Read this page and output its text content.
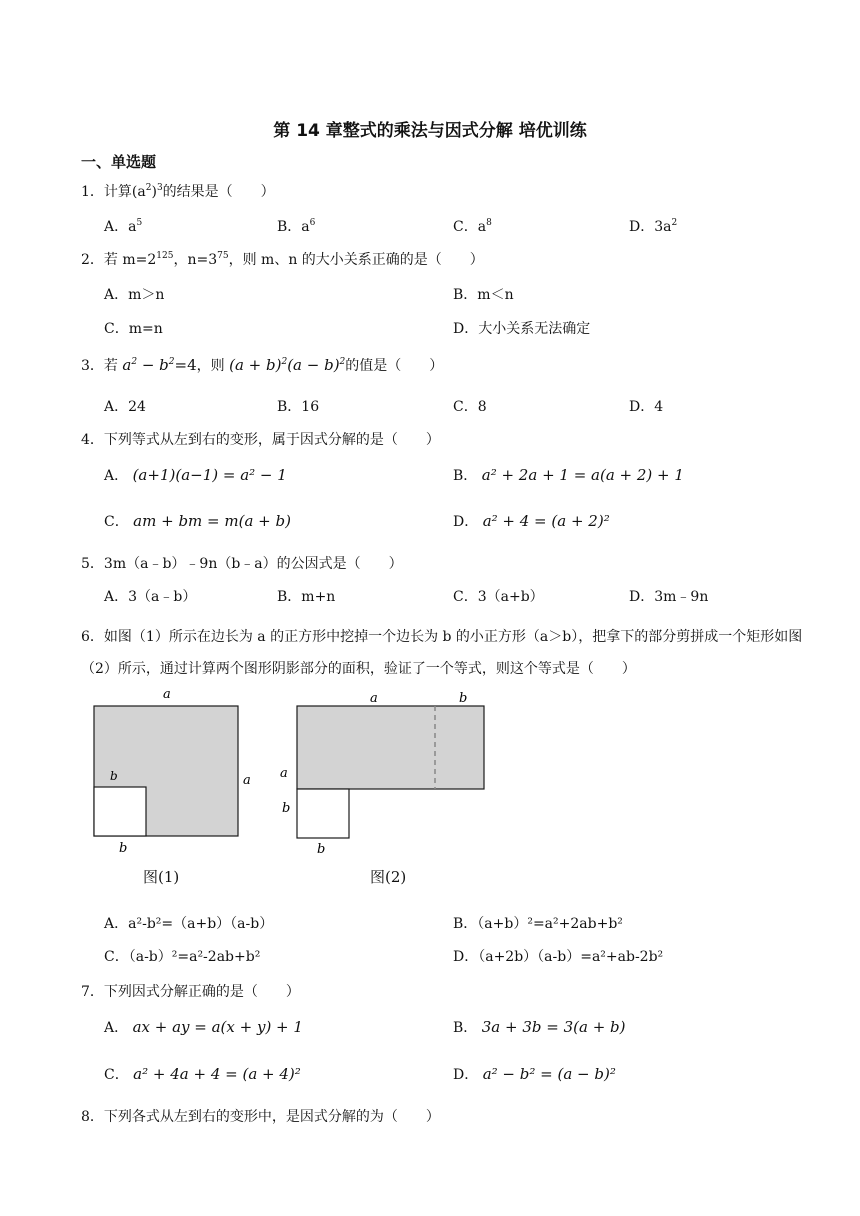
第 14 章整式的乘法与因式分解 培优训练
一、单选题
1．计算$(a^2)^3$的结果是（　　）
A．$a^5$	B．$a^6$	C．$a^8$	D．$3a^2$
2．若 $m=2^{125}$，$n=3^{75}$，则 m、n 的大小关系正确的是（　　）
A．m＞n	B．m＜n
C．m=n	D．大小关系无法确定
3．若 $a^2 - b^2=4$，则 $(a + b)^2(a - b)^2$的值是（　　）
A．24	B．16	C．8	D．4
4．下列等式从左到右的变形，属于因式分解的是（　　）
A． (a+1)(a−1) = a² − 1	B． a² + 2a + 1 = a(a + 2) + 1
C． am + bm = m(a + b)	D． a² + 4 = (a + 2)²
5．3m（a﹣b）﹣9n（b﹣a）的公因式是（　　）
A．3（a﹣b）	B．m+n	C．3（a+b）	D．3m﹣9n
6．如图（1）所示在边长为 a 的正方形中挖掉一个边长为 b 的小正方形（a＞b），把拿下的部分剪拼成一个矩形如图（2）所示，通过计算两个图形阴影部分的面积，验证了一个等式，则这个等式是（　　）
a
a
b
b
图(1)
a	b
a
b
b
图(2)
A．a²-b²=（a+b）（a-b）	B．（a+b）²=a²+2ab+b²
C．（a-b）²=a²-2ab+b²	D．（a+2b）（a-b）=a²+ab-2b²
7．下列因式分解正确的是（　　）
A． ax + ay = a(x + y) + 1	B． 3a + 3b = 3(a + b)
C． a² + 4a + 4 = (a + 4)²	D． a² − b² = (a − b)²
8．下列各式从左到右的变形中，是因式分解的为（　　）
